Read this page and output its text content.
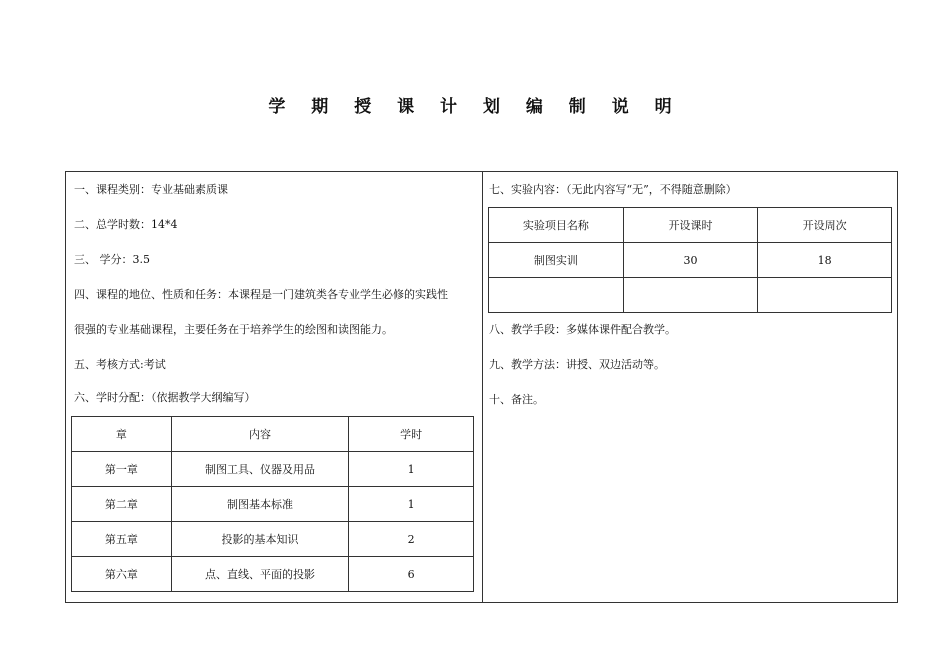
学 期 授 课 计 划 编 制 说 明
一、课程类别：专业基础素质课
二、总学时数：14*4
三、 学分：3.5
四、课程的地位、性质和任务：本课程是一门建筑类各专业学生必修的实践性
很强的专业基础课程，主要任务在于培养学生的绘图和读图能力。
五、考核方式:考试
六、学时分配：（依据教学大纲编写）
章	内容	学时
第一章	制图工具、仪器及用品	1
第二章	制图基本标准	1
第五章	投影的基本知识	2
第六章	点、直线、平面的投影	6
七、实验内容：（无此内容写“无”，不得随意删除）
实验项目名称	开设课时	开设周次
制图实训	30	18

八、教学手段：多媒体课件配合教学。
九、教学方法：讲授、双边活动等。
十、备注。
